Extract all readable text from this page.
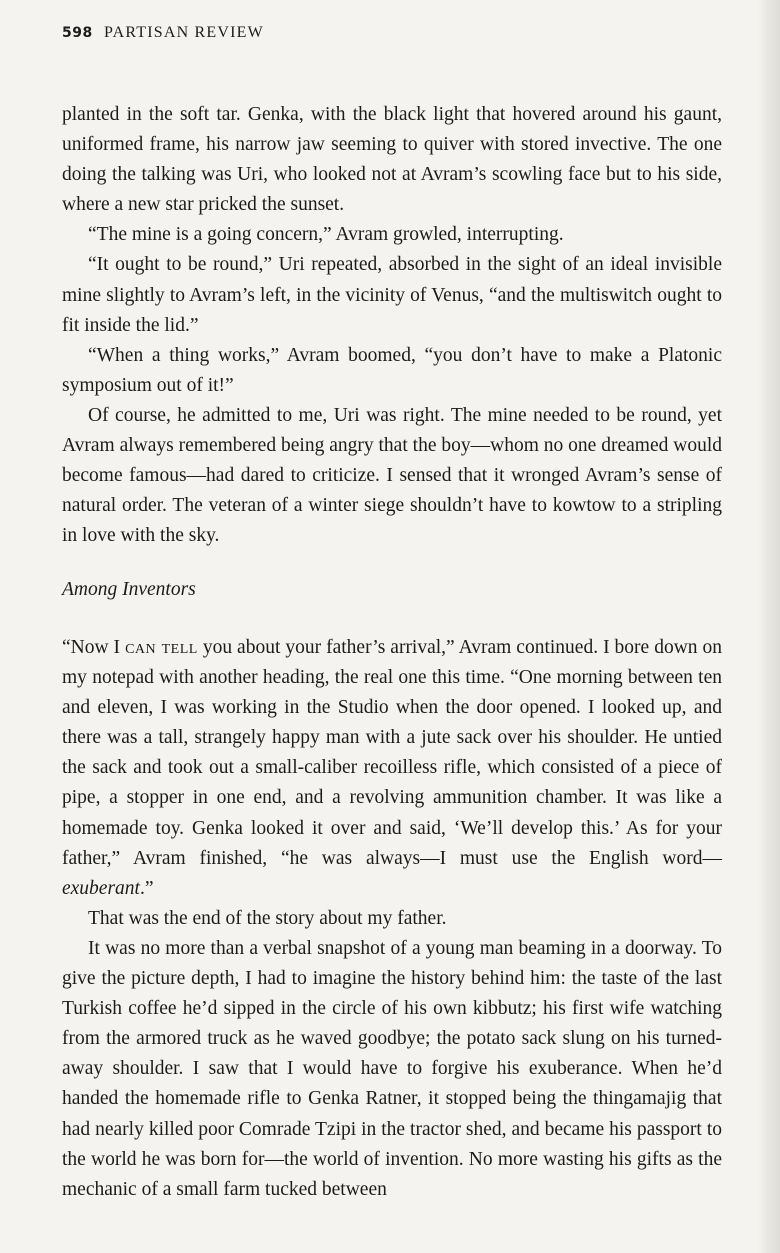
598 PARTISAN REVIEW

planted in the soft tar. Genka, with the black light that hovered around his gaunt, uniformed frame, his narrow jaw seeming to quiver with stored invective. The one doing the talking was Uri, who looked not at Avram’s scowling face but to his side, where a new star pricked the sunset.

“The mine is a going concern,” Avram growled, interrupting.

“It ought to be round,” Uri repeated, absorbed in the sight of an ideal invisible mine slightly to Avram’s left, in the vicinity of Venus, “and the multiswitch ought to fit inside the lid.”

“When a thing works,” Avram boomed, “you don’t have to make a Platonic symposium out of it!”

Of course, he admitted to me, Uri was right. The mine needed to be round, yet Avram always remembered being angry that the boy—whom no one dreamed would become famous—had dared to criticize. I sensed that it wronged Avram’s sense of natural order. The veteran of a winter siege shouldn’t have to kowtow to a stripling in love with the sky.

Among Inventors

“Now I can tell you about your father’s arrival,” Avram continued. I bore down on my notepad with another heading, the real one this time. “One morning between ten and eleven, I was working in the Studio when the door opened. I looked up, and there was a tall, strangely happy man with a jute sack over his shoulder. He untied the sack and took out a small-caliber recoilless rifle, which consisted of a piece of pipe, a stopper in one end, and a revolving ammunition chamber. It was like a homemade toy. Genka looked it over and said, ‘We’ll develop this.’ As for your father,” Avram finished, “he was always—I must use the English word—exuberant.”

That was the end of the story about my father.

It was no more than a verbal snapshot of a young man beaming in a doorway. To give the picture depth, I had to imagine the history behind him: the taste of the last Turkish coffee he’d sipped in the circle of his own kibbutz; his first wife watching from the armored truck as he waved goodbye; the potato sack slung on his turned-away shoulder. I saw that I would have to forgive his exuberance. When he’d handed the homemade rifle to Genka Ratner, it stopped being the thingamajig that had nearly killed poor Comrade Tzipi in the tractor shed, and became his passport to the world he was born for—the world of invention. No more wasting his gifts as the mechanic of a small farm tucked between
